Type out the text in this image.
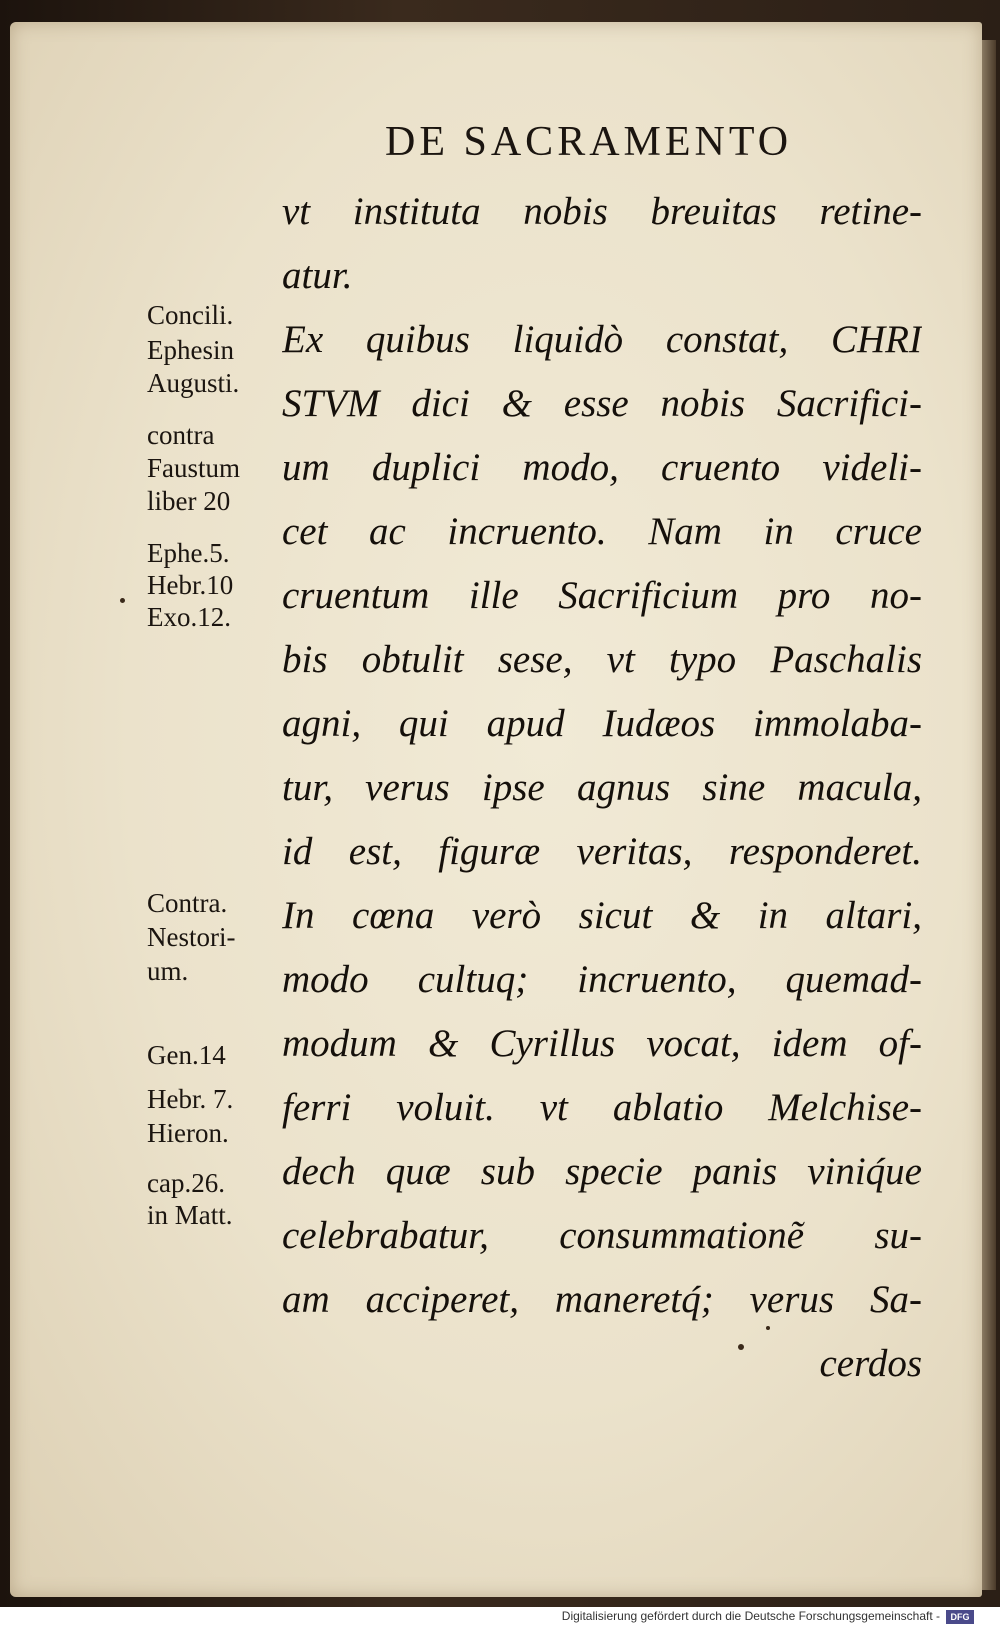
DE SACRAMENTO
vt instituta nobis breuitas retine-
atur.
Ex quibus liquidò constat, CHRI
STVM dici & esse nobis Sacrifici-
um duplici modo, cruento videli-
cet ac incruento. Nam in cruce
cruentum ille Sacrificium pro no-
bis obtulit sese, vt typo Paschalis
agni, qui apud Iudæos immolaba-
tur, verus ipse agnus sine macula,
id est, figuræ veritas, responderet.
In cœna verò sicut & in altari,
modo cultuq; incruento, quemad-
modum & Cyrillus vocat, idem of-
ferri voluit. vt ablatio Melchise-
dech quæ sub specie panis viniq́ue
celebrabatur, consummationẽ su-
am acciperet, maneretq́; verus Sa-
cerdos
Concili.
Ephesin
Augusti.
contra
Faustum
liber 20
Ephe.5.
Hebr.10
Exo.12.
Contra.
Nestori-
um.
Gen.14
Hebr. 7.
Hieron.
cap.26.
in Matt.
Digitalisierung gefördert durch die Deutsche Forschungsgemeinschaft -	DFG
